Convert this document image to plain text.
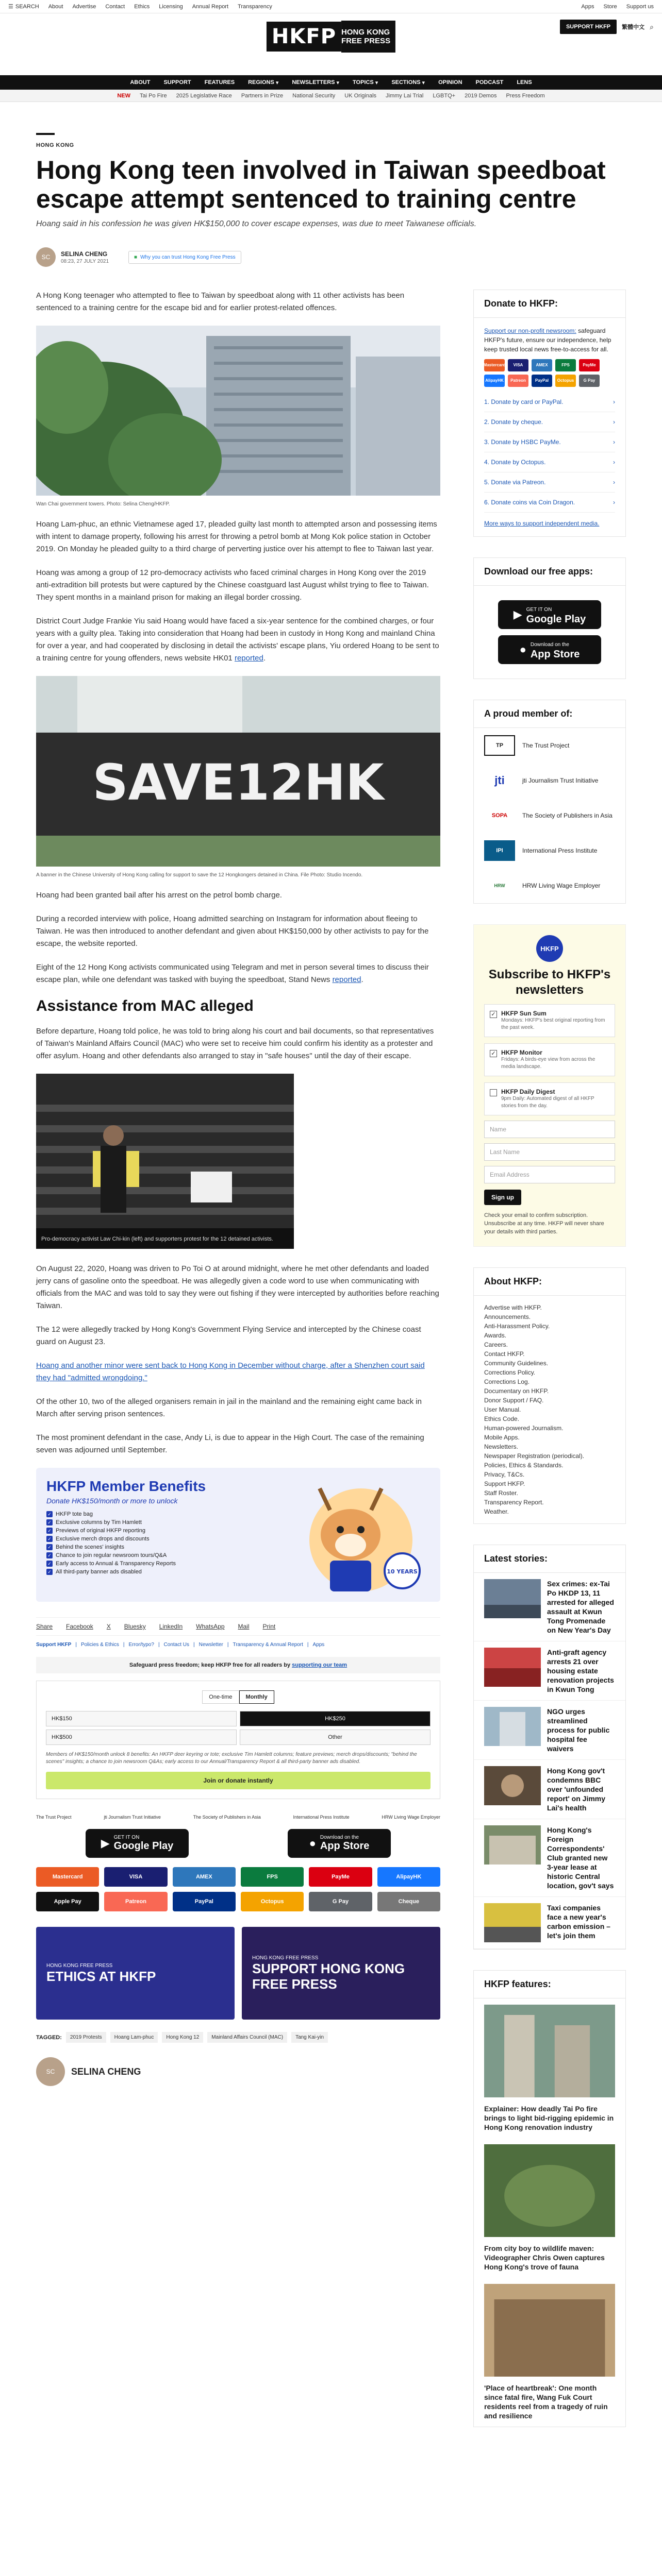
☰ SEARCH About Advertise Contact Ethics Licensing Annual Report Transparency	Apps Store Support us
HKFP HONG KONG
FREE PRESS
SUPPORT HKFP	繁體中文 ⌕
ABOUT SUPPORT FEATURES REGIONS ▾ NEWSLETTERS ▾ TOPICS ▾ SECTIONS ▾ OPINION PODCAST LENS
NEW Tai Po Fire 2025 Legislative Race Partners in Prize National Security UK Originals Jimmy Lai Trial LGBTQ+ 2019 Demos Press Freedom
HONG KONG
Hong Kong teen involved in Taiwan speedboat escape attempt sentenced to training centre
Hoang said in his confession he was given HK$150,000 to cover escape expenses, was due to meet Taiwanese officials.
SC	SELINA CHENG
08:23, 27 JULY 2021
■ Why you can trust Hong Kong Free Press

A Hong Kong teenager who attempted to flee to Taiwan by speedboat along with 11 other activists has been sentenced to a training centre for the escape bid and for earlier protest-related offences.

Wan Chai government towers. Photo: Selina Cheng/HKFP.

Hoang Lam-phuc, an ethnic Vietnamese aged 17, pleaded guilty last month to attempted arson and possessing items with intent to damage property, following his arrest for throwing a petrol bomb at Mong Kok police station in October 2019. On Monday he pleaded guilty to a third charge of perverting justice over his attempt to flee to Taiwan last year.

Hoang was among a group of 12 pro-democracy activists who faced criminal charges in Hong Kong over the 2019 anti-extradition bill protests but were captured by the Chinese coastguard last August whilst trying to flee to Taiwan. They spent months in a mainland prison for making an illegal border crossing.

District Court Judge Frankie Yiu said Hoang would have faced a six-year sentence for the combined charges, or four years with a guilty plea. Taking into consideration that Hoang had been in custody in Hong Kong and mainland China for over a year, and had cooperated by disclosing in detail the activists' escape plans, Yiu ordered Hoang to be sent to a training centre for young offenders, news website HK01 reported.

SAVE12HK
A banner in the Chinese University of Hong Kong calling for support to save the 12 Hongkongers detained in China. File Photo: Studio Incendo.

Hoang had been granted bail after his arrest on the petrol bomb charge.

During a recorded interview with police, Hoang admitted searching on Instagram for information about fleeing to Taiwan. He was then introduced to another defendant and given about HK$150,000 by other activists to pay for the escape, the website reported.

Eight of the 12 Hong Kong activists communicated using Telegram and met in person several times to discuss their escape plan, while one defendant was tasked with buying the speedboat, Stand News reported.

Assistance from MAC alleged

Before departure, Hoang told police, he was told to bring along his court and bail documents, so that representatives of Taiwan's Mainland Affairs Council (MAC) who were set to receive him could confirm his identity as a protester and offer asylum. Hoang and other defendants also arranged to stay in "safe houses" until the day of their escape.

Pro-democracy activist Law Chi-kin (left) and supporters protest for the 12 detained activists.

On August 22, 2020, Hoang was driven to Po Toi O at around midnight, where he met other defendants and loaded jerry cans of gasoline onto the speedboat. He was allegedly given a code word to use when communicating with officials from the MAC and was told to say they were out fishing if they were intercepted by authorities before reaching Taiwan.

The 12 were allegedly tracked by Hong Kong's Government Flying Service and intercepted by the Chinese coast guard on August 23.

Hoang and another minor were sent back to Hong Kong in December without charge, after a Shenzhen court said they had "admitted wrongdoing."

Of the other 10, two of the alleged organisers remain in jail in the mainland and the remaining eight came back in March after serving prison sentences.

The most prominent defendant in the case, Andy Li, is due to appear in the High Court. The case of the remaining seven was adjourned until September.

HKFP Member Benefits
Donate HK$150/month or more to unlock
✓ HKFP tote bag
✓ Exclusive columns by Tim Hamlett
✓ Previews of original HKFP reporting
✓ Exclusive merch drops and discounts
✓ Behind the scenes' insights
✓ Chance to join regular newsroom tours/Q&A
✓ Early access to Annual & Transparency Reports
✓ All third-party banner ads disabled	10 YEARS
Share Facebook X Bluesky LinkedIn WhatsApp Mail Print
Support HKFP | Policies & Ethics | Error/typo? | Contact Us | Newsletter | Transparency & Annual Report | Apps
Safeguard press freedom; keep HKFP free for all readers by supporting our team
One-time	Monthly
HK$150	HK$250
HK$500	Other
Members of HK$150/month unlock 8 benefits: An HKFP deer keyring or tote; exclusive Tim Hamlett columns; feature previews; merch drops/discounts; "behind the scenes" insights; a chance to join newsroom Q&As; early access to our Annual/Transparency Report & all third-party banner ads disabled.
Join or donate instantly
The Trust Project	jti Journalism Trust Initiative	The Society of Publishers in Asia	International Press Institute	HRW Living Wage Employer
▶ GET IT ON
Google Play	● Download on the
App Store
Mastercard	VISA	AMEX	FPS	PayMe	AlipayHK
Apple Pay	Patreon	PayPal	Octopus	G Pay	Cheque
HONG KONG FREE PRESS
ETHICS AT HKFP
HONG KONG FREE PRESS
SUPPORT HONG KONG FREE PRESS
TAGGED:	2019 Protests	Hoang Lam-phuc	Hong Kong 12	Mainland Affairs Council (MAC)	Tang Kai-yin
SC	SELINA CHENG
Donate to HKFP:
Support our non-profit newsroom: safeguard HKFP's future, ensure our independence, help keep trusted local news free-to-access for all.
Mastercard	VISA	AMEX	FPS	PayMe
AlipayHK	Patreon	PayPal	Octopus	G Pay
1. Donate by card or PayPal.	›
2. Donate by cheque.	›
3. Donate by HSBC PayMe.	›
4. Donate by Octopus.	›
5. Donate via Patreon.	›
6. Donate coins via Coin Dragon.	›
More ways to support independent media.
Download our free apps:
▶ GET IT ON
Google Play
● Download on the
App Store
A proud member of:
TP	The Trust Project
jti	jti Journalism Trust Initiative
SOPA	The Society of Publishers in Asia
IPI	International Press Institute
HRW	HRW Living Wage Employer
HKFP
Subscribe to HKFP's newsletters
✓ HKFP Sun Sum
Mondays: HKFP's best original reporting from the past week.
✓ HKFP Monitor
Fridays: A birds-eye view from across the media landscape.
HKFP Daily Digest
9pm Daily: Automated digest of all HKFP stories from the day.
Name
Last Name
Email Address
Sign up
Check your email to confirm subscription. Unsubscribe at any time. HKFP will never share your details with third parties.
About HKFP:
Advertise with HKFP.
Announcements.
Anti-Harassment Policy.
Awards.
Careers.
Contact HKFP.
Community Guidelines.
Corrections Policy.
Corrections Log.
Documentary on HKFP.
Donor Support / FAQ.
User Manual.
Ethics Code.
Human-powered Journalism.
Mobile Apps.
Newsletters.
Newspaper Registration (periodical).
Policies, Ethics & Standards.
Privacy, T&Cs.
Support HKFP.
Staff Roster.
Transparency Report.
Weather.
Latest stories:
Sex crimes: ex-Tai Po HKDP 13, 11 arrested for alleged assault at Kwun Tong Promenade on New Year's Day
Anti-graft agency arrests 21 over housing estate renovation projects in Kwun Tong
NGO urges streamlined process for public hospital fee waivers
Hong Kong gov't condemns BBC over 'unfounded report' on Jimmy Lai's health
Hong Kong's Foreign Correspondents' Club granted new 3-year lease at historic Central location, gov't says
Taxi companies face a new year's carbon emission – let's join them
HKFP features:
Explainer: How deadly Tai Po fire brings to light bid-rigging epidemic in Hong Kong renovation industry
From city boy to wildlife maven: Videographer Chris Owen captures Hong Kong's trove of fauna
'Place of heartbreak': One month since fatal fire, Wang Fuk Court residents reel from a tragedy of ruin and resilience
